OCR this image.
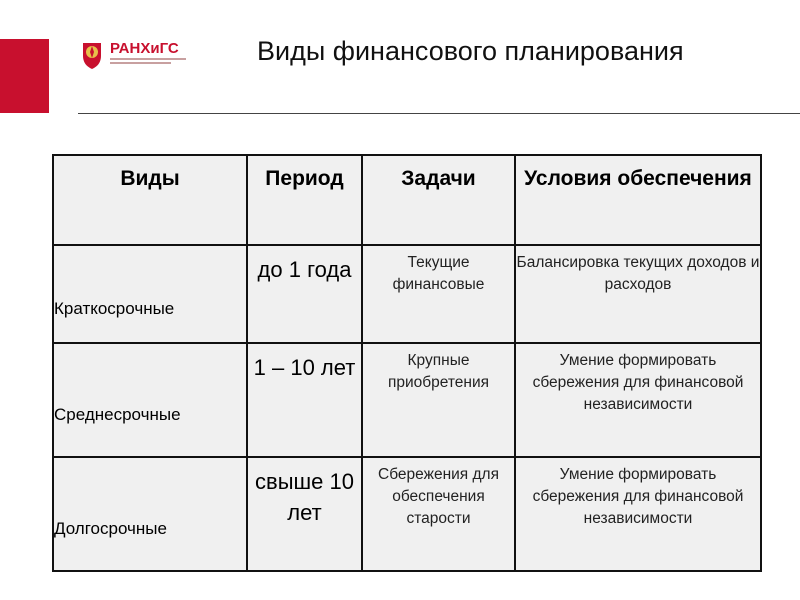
РАНХиГС	Виды финансового планирования
Виды	Период	Задачи	Условия обеспечения

Краткосрочные	до 1 года	Текущие финансовые	Балансировка текущих доходов и расходов

Среднесрочные	1 – 10 лет	Крупные приобретения	Умение формировать сбережения для финансовой независимости

Долгосрочные	свыше 10 лет	Сбережения для обеспечения старости	Умение формировать сбережения для финансовой независимости
